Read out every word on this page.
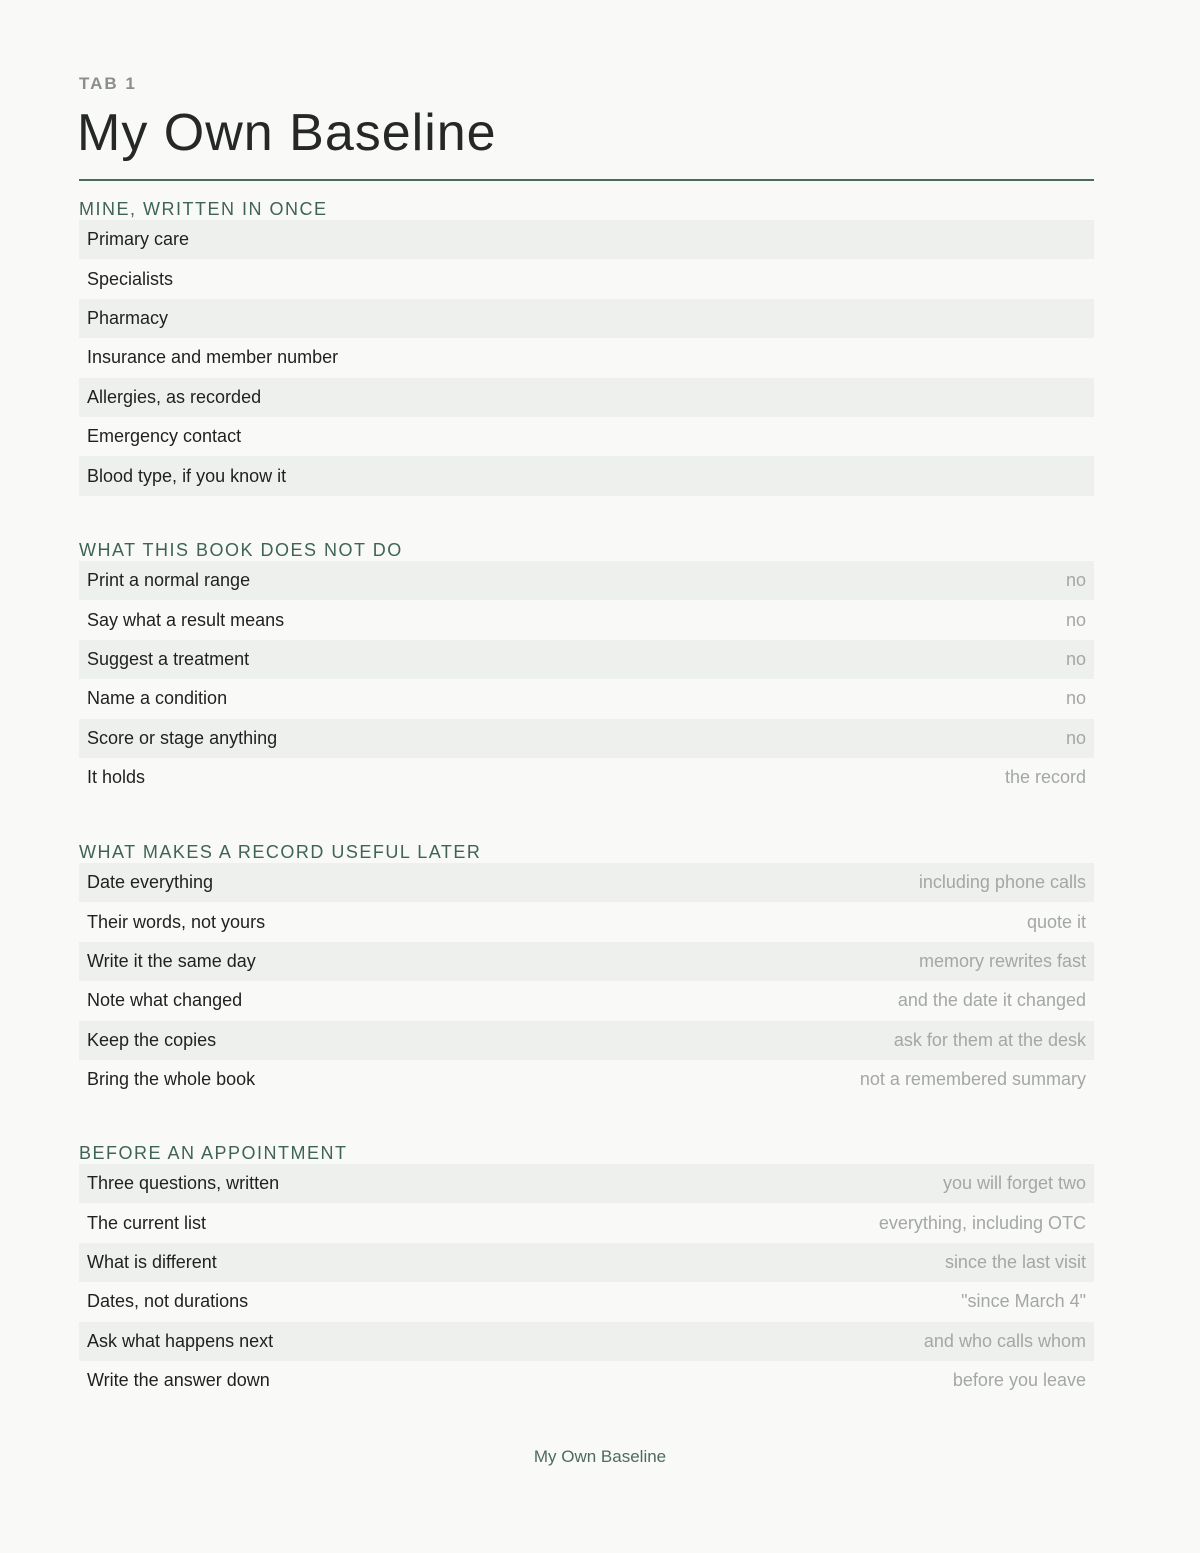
TAB 1
My Own Baseline
MINE, WRITTEN IN ONCE
Primary care
Specialists
Pharmacy
Insurance and member number
Allergies, as recorded
Emergency contact
Blood type, if you know it
WHAT THIS BOOK DOES NOT DO
Print a normal range	no
Say what a result means	no
Suggest a treatment	no
Name a condition	no
Score or stage anything	no
It holds	the record
WHAT MAKES A RECORD USEFUL LATER
Date everything	including phone calls
Their words, not yours	quote it
Write it the same day	memory rewrites fast
Note what changed	and the date it changed
Keep the copies	ask for them at the desk
Bring the whole book	not a remembered summary
BEFORE AN APPOINTMENT
Three questions, written	you will forget two
The current list	everything, including OTC
What is different	since the last visit
Dates, not durations	"since March 4"
Ask what happens next	and who calls whom
Write the answer down	before you leave
My Own Baseline
